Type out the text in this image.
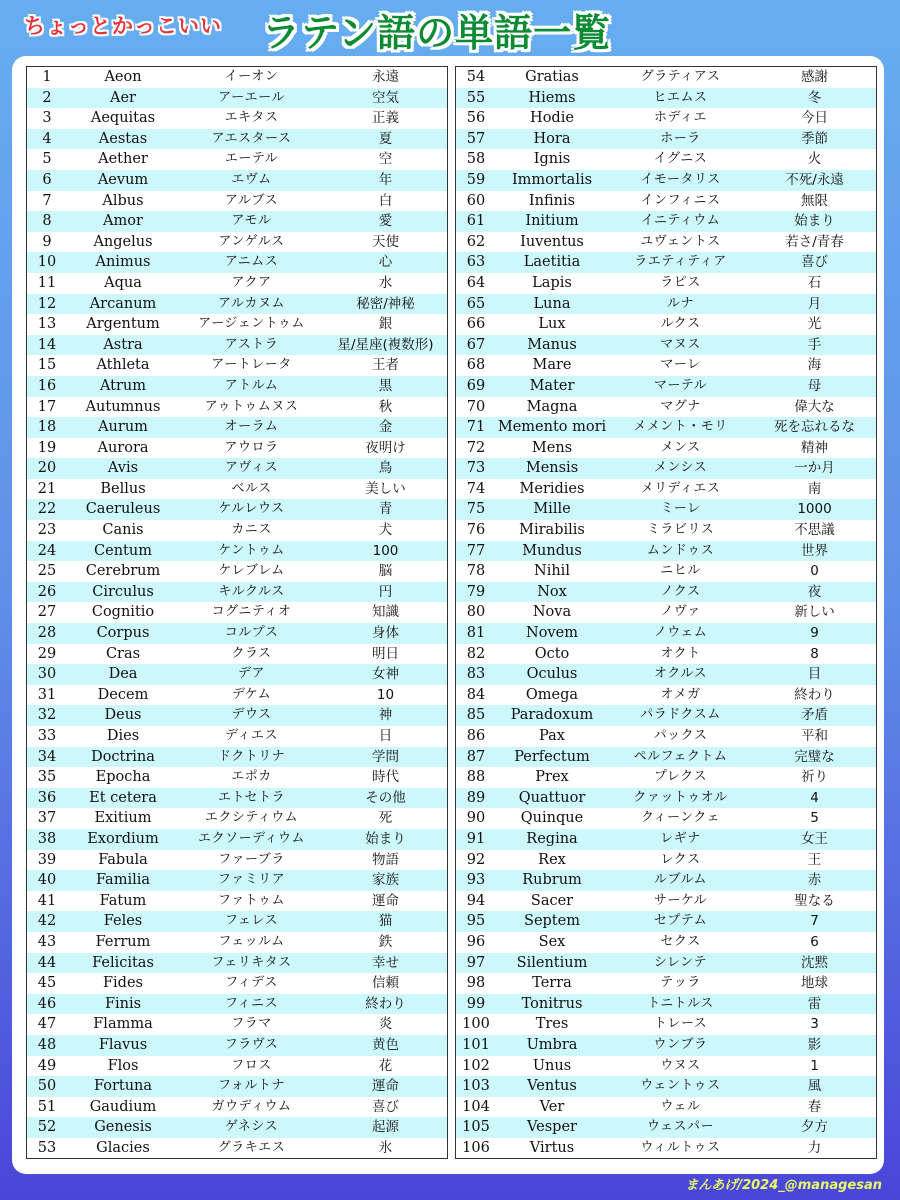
ちょっとかっこいい ラテン語の単語一覧
1	Aeon	イーオン	永遠
2	Aer	アーエール	空気
3	Aequitas	エキタス	正義
4	Aestas	アエスタース	夏
5	Aether	エーテル	空
6	Aevum	エヴム	年
7	Albus	アルブス	白
8	Amor	アモル	愛
9	Angelus	アンゲルス	天使
10	Animus	アニムス	心
11	Aqua	アクア	水
12	Arcanum	アルカヌム	秘密/神秘
13	Argentum	アージェントゥム	銀
14	Astra	アストラ	星/星座(複数形)
15	Athleta	アートレータ	王者
16	Atrum	アトルム	黒
17	Autumnus	アゥトゥムヌス	秋
18	Aurum	オーラム	金
19	Aurora	アウロラ	夜明け
20	Avis	アヴィス	鳥
21	Bellus	ベルス	美しい
22	Caeruleus	ケルレウス	青
23	Canis	カニス	犬
24	Centum	ケントゥム	100
25	Cerebrum	ケレブレム	脳
26	Circulus	キルクルス	円
27	Cognitio	コグニティオ	知識
28	Corpus	コルプス	身体
29	Cras	クラス	明日
30	Dea	デア	女神
31	Decem	デケム	10
32	Deus	デウス	神
33	Dies	ディエス	日
34	Doctrina	ドクトリナ	学問
35	Epocha	エポカ	時代
36	Et cetera	エトセトラ	その他
37	Exitium	エクシティウム	死
38	Exordium	エクソーディウム	始まり
39	Fabula	ファーブラ	物語
40	Familia	ファミリア	家族
41	Fatum	ファトゥム	運命
42	Feles	フェレス	猫
43	Ferrum	フェッルム	鉄
44	Felicitas	フェリキタス	幸せ
45	Fides	フィデス	信頼
46	Finis	フィニス	終わり
47	Flamma	フラマ	炎
48	Flavus	フラヴス	黄色
49	Flos	フロス	花
50	Fortuna	フォルトナ	運命
51	Gaudium	ガウディウム	喜び
52	Genesis	ゲネシス	起源
53	Glacies	グラキエス	氷
54	Gratias	グラティアス	感謝
55	Hiems	ヒエムス	冬
56	Hodie	ホディエ	今日
57	Hora	ホーラ	季節
58	Ignis	イグニス	火
59	Immortalis	イモータリス	不死/永遠
60	Infinis	インフィニス	無限
61	Initium	イニティウム	始まり
62	Iuventus	ユヴェントス	若さ/青春
63	Laetitia	ラエティティア	喜び
64	Lapis	ラピス	石
65	Luna	ルナ	月
66	Lux	ルクス	光
67	Manus	マヌス	手
68	Mare	マーレ	海
69	Mater	マーテル	母
70	Magna	マグナ	偉大な
71 Memento mori	メメント・モリ	死を忘れるな
72	Mens	メンス	精神
73	Mensis	メンシス	一か月
74	Meridies	メリディエス	南
75	Mille	ミーレ	1000
76	Mirabilis	ミラビリス	不思議
77	Mundus	ムンドゥス	世界
78	Nihil	ニヒル	0
79	Nox	ノクス	夜
80	Nova	ノヴァ	新しい
81	Novem	ノウェム	9
82	Octo	オクト	8
83	Oculus	オクルス	目
84	Omega	オメガ	終わり
85	Paradoxum	パラドクスム	矛盾
86	Pax	パックス	平和
87	Perfectum	ペルフェクトム	完璧な
88	Prex	プレクス	祈り
89	Quattuor	クァットゥオル	4
90	Quinque	クィーンクェ	5
91	Regina	レギナ	女王
92	Rex	レクス	王
93	Rubrum	ルブルム	赤
94	Sacer	サーケル	聖なる
95	Septem	セプテム	7
96	Sex	セクス	6
97	Silentium	シレンテ	沈黙
98	Terra	テッラ	地球
99	Tonitrus	トニトルス	雷
100	Tres	トレース	3
101	Umbra	ウンブラ	影
102	Unus	ウヌス	1
103	Ventus	ウェントゥス	風
104	Ver	ウェル	春
105	Vesper	ウェスパー	夕方
106	Virtus	ウィルトゥス	力
まんあげ/2024_@managesan
